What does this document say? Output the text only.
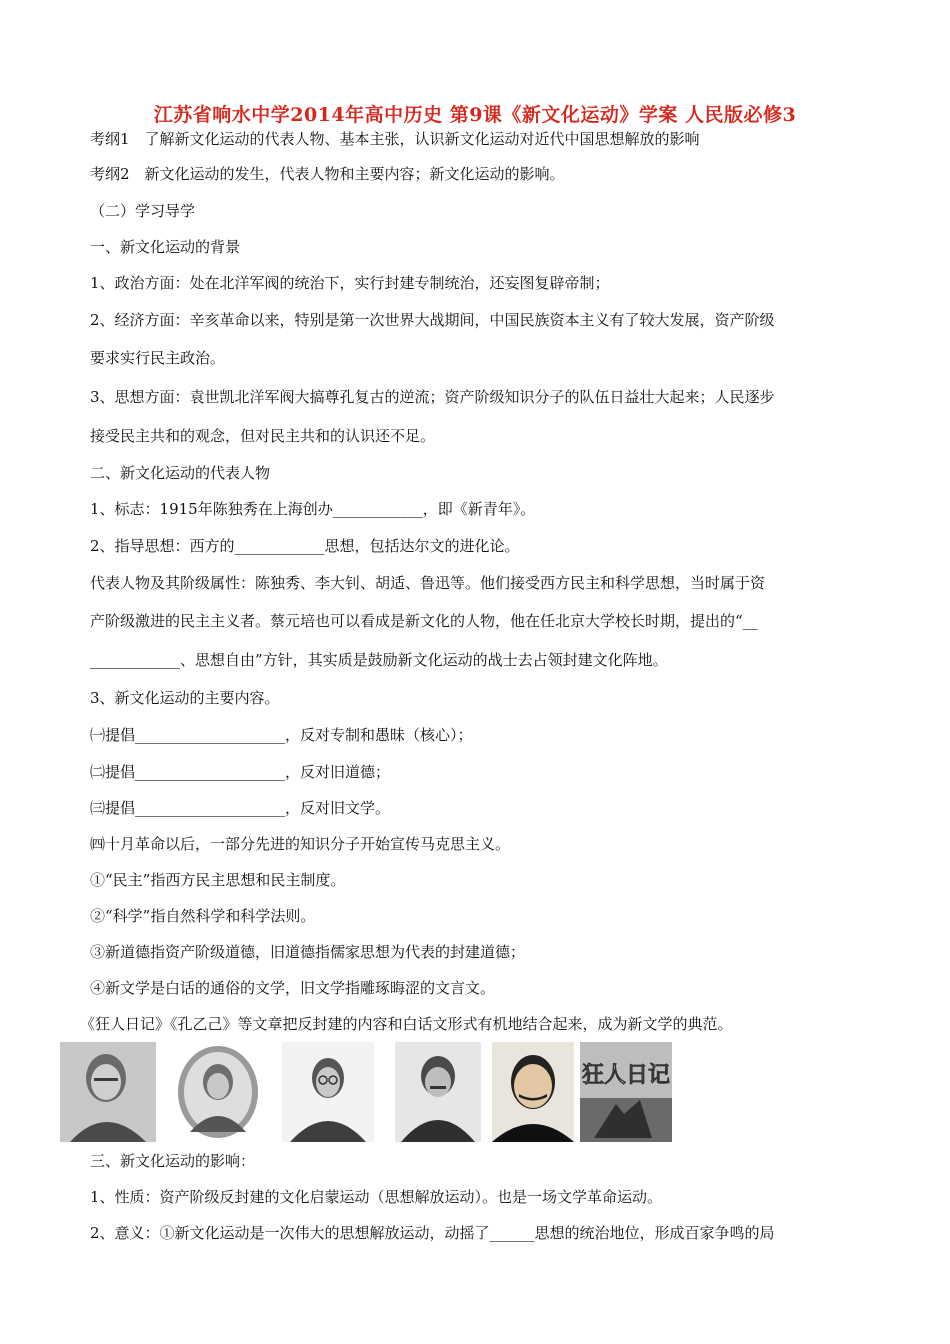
江苏省响水中学2014年高中历史 第9课《新文化运动》学案 人民版必修3
考纲1　了解新文化运动的代表人物、基本主张，认识新文化运动对近代中国思想解放的影响
考纲2　新文化运动的发生，代表人物和主要内容；新文化运动的影响。
（二）学习导学
一、新文化运动的背景
1、政治方面：处在北洋军阀的统治下，实行封建专制统治，还妄图复辟帝制；
2、经济方面：辛亥革命以来，特别是第一次世界大战期间，中国民族资本主义有了较大发展，资产阶级
要求实行民主政治。
3、思想方面：袁世凯北洋军阀大搞尊孔复古的逆流；资产阶级知识分子的队伍日益壮大起来；人民逐步
接受民主共和的观念，但对民主共和的认识还不足。
二、新文化运动的代表人物
1、标志：1915年陈独秀在上海创办____________，即《新青年》。
2、指导思想：西方的____________思想，包括达尔文的进化论。
代表人物及其阶级属性：陈独秀、李大钊、胡适、鲁迅等。他们接受西方民主和科学思想，当时属于资
产阶级激进的民主主义者。蔡元培也可以看成是新文化的人物，他在任北京大学校长时期，提出的“__
____________、思想自由”方针，其实质是鼓励新文化运动的战士去占领封建文化阵地。
3、新文化运动的主要内容。
㈠提倡____________________，反对专制和愚昧（核心）；
㈡提倡____________________，反对旧道德；
㈢提倡____________________，反对旧文学。
㈣十月革命以后，一部分先进的知识分子开始宣传马克思主义。
①“民主”指西方民主思想和民主制度。
②“科学”指自然科学和科学法则。
③新道德指资产阶级道德，旧道德指儒家思想为代表的封建道德；
④新文学是白话的通俗的文学，旧文学指雕琢晦涩的文言文。
《狂人日记》《孔乙己》等文章把反封建的内容和白话文形式有机地结合起来，成为新文学的典范。
狂人日记
三、新文化运动的影响：
1、性质：资产阶级反封建的文化启蒙运动（思想解放运动）。也是一场文学革命运动。
2、意义：①新文化运动是一次伟大的思想解放运动，动摇了______思想的统治地位，形成百家争鸣的局
